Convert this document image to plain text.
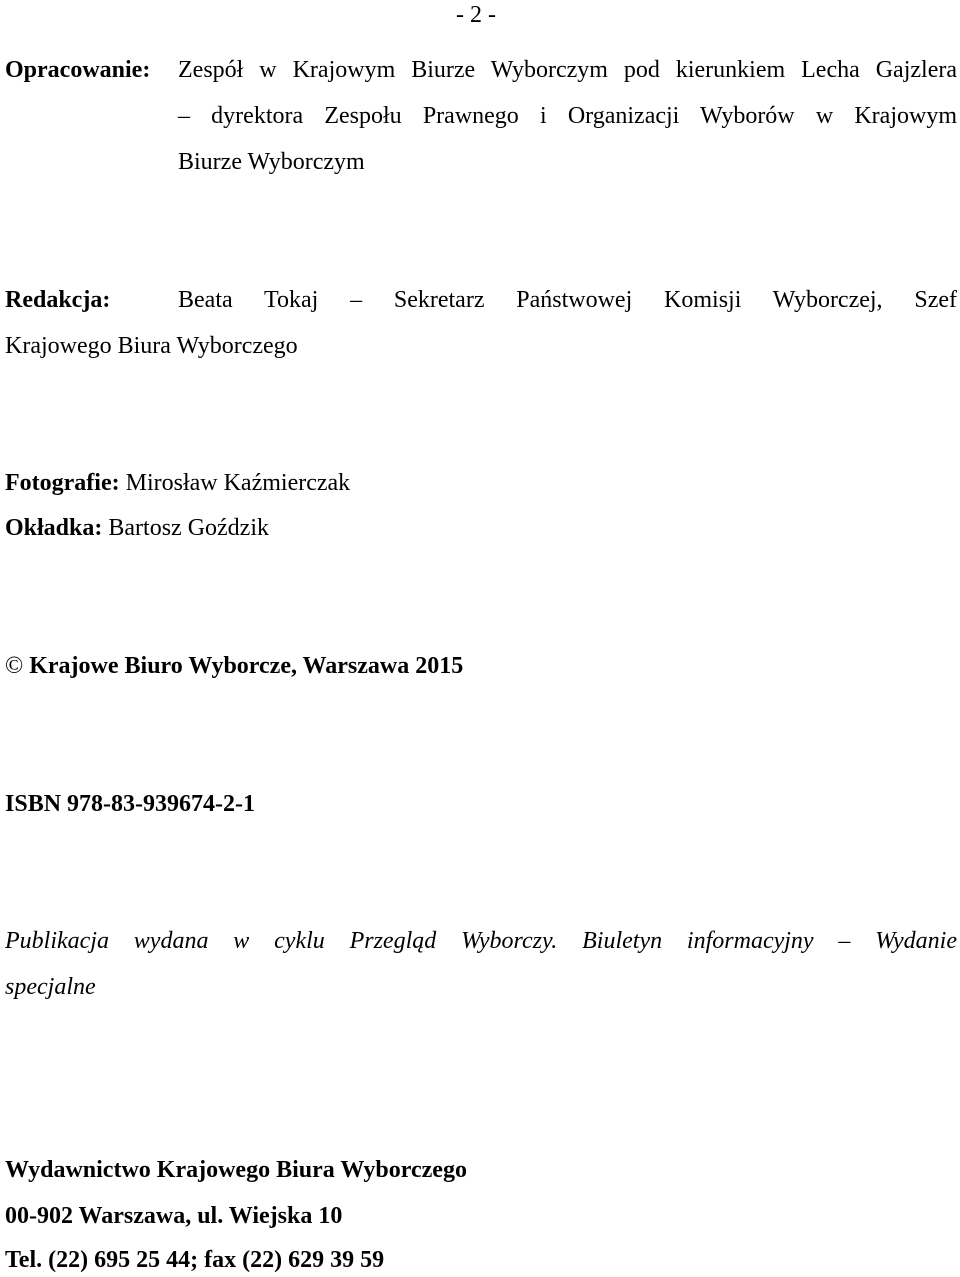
- 2 -
Opracowanie:	Zespół w Krajowym Biurze Wyborczym pod kierunkiem Lecha Gajzlera
– dyrektora Zespołu Prawnego i Organizacji Wyborów w Krajowym
Biurze Wyborczym
Redakcja:	Beata Tokaj – Sekretarz Państwowej Komisji Wyborczej, Szef
Krajowego Biura Wyborczego
Fotografie: Mirosław Kaźmierczak
Okładka: Bartosz Goździk
© Krajowe Biuro Wyborcze, Warszawa 2015
ISBN 978-83-939674-2-1
Publikacja wydana w cyklu Przegląd Wyborczy. Biuletyn informacyjny – Wydanie
specjalne
Wydawnictwo Krajowego Biura Wyborczego
00-902 Warszawa, ul. Wiejska 10
Tel. (22) 695 25 44; fax (22) 629 39 59
